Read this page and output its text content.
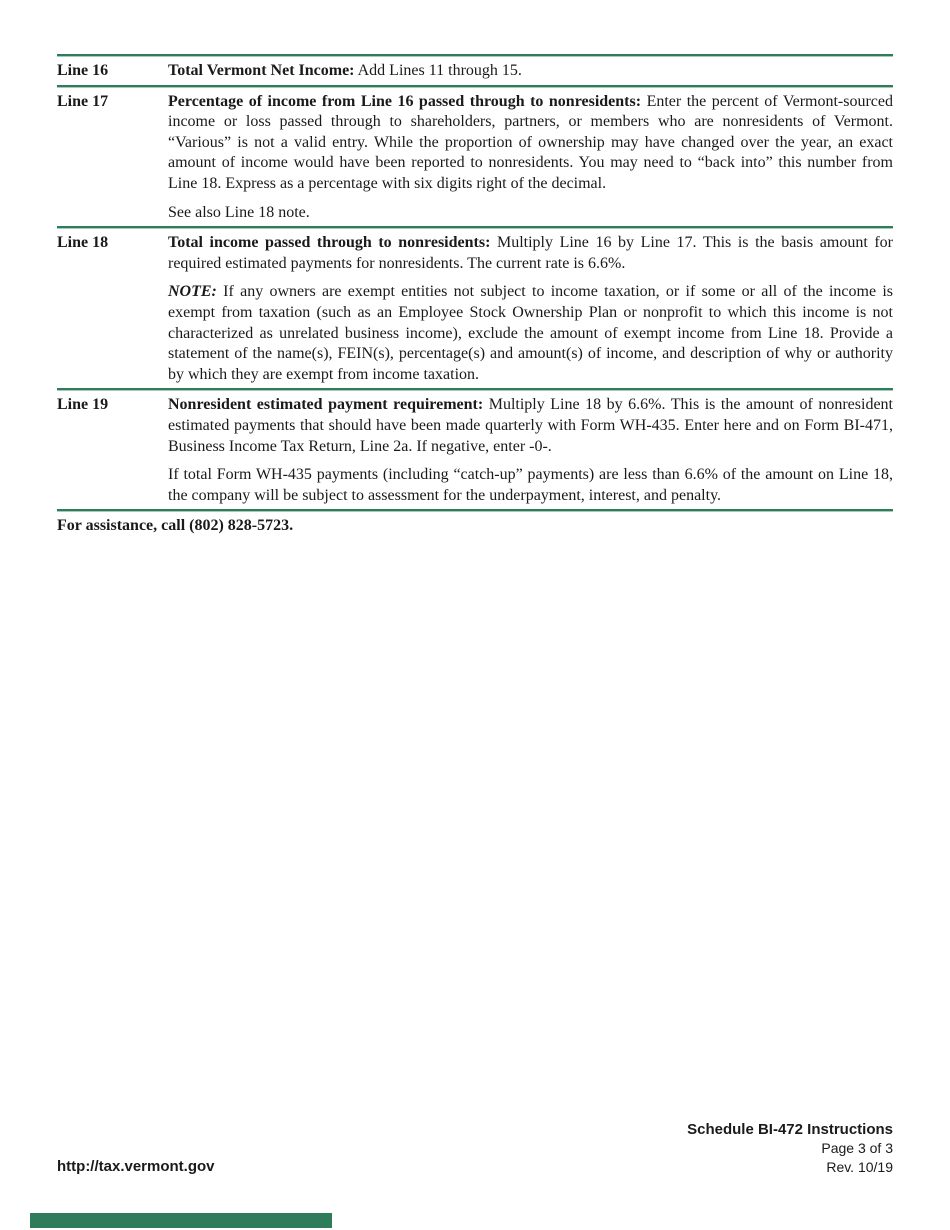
Line 16	Total Vermont Net Income: Add Lines 11 through 15.

Line 17	Percentage of income from Line 16 passed through to nonresidents: Enter the percent of Vermont-sourced income or loss passed through to shareholders, partners, or members who are nonresidents of Vermont. “Various” is not a valid entry. While the proportion of ownership may have changed over the year, an exact amount of income would have been reported to nonresidents. You may need to “back into” this number from Line 18. Express as a percentage with six digits right of the decimal.

See also Line 18 note.

Line 18	Total income passed through to nonresidents: Multiply Line 16 by Line 17. This is the basis amount for required estimated payments for nonresidents. The current rate is 6.6%.

NOTE: If any owners are exempt entities not subject to income taxation, or if some or all of the income is exempt from taxation (such as an Employee Stock Ownership Plan or nonprofit to which this income is not characterized as unrelated business income), exclude the amount of exempt income from Line 18. Provide a statement of the name(s), FEIN(s), percentage(s) and amount(s) of income, and description of why or authority by which they are exempt from income taxation.

Line 19	Nonresident estimated payment requirement: Multiply Line 18 by 6.6%. This is the amount of nonresident estimated payments that should have been made quarterly with Form WH-435. Enter here and on Form BI-471, Business Income Tax Return, Line 2a. If negative, enter -0-.

If total Form WH-435 payments (including “catch-up” payments) are less than 6.6% of the amount on Line 18, the company will be subject to assessment for the underpayment, interest, and penalty.

For assistance, call (802) 828-5723.
Schedule BI-472 Instructions
Page 3 of 3
Rev. 10/19
http://tax.vermont.gov
